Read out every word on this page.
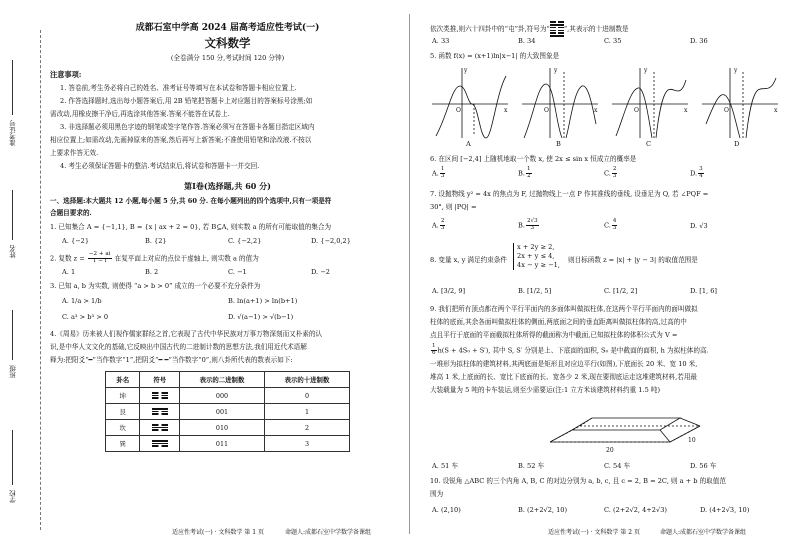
准考证号
姓名
班级
学校
成都石室中学高 2024 届高考适应性考试(一)
文科数学
(全卷满分 150 分,考试时间 120 分钟)
注意事项:
1. 答卷前,考生务必将自己的姓名、准考证号等填写在本试卷和答题卡相应位置上.
2. 作答选择题时,选出每小题答案后,用 2B 铅笔把答题卡上对应题目的答案标号涂黑;如
需改动,用橡皮擦干净后,再选涂其他答案.答案不能答在试卷上.
3. 非选择题必须用黑色字迹的钢笔或签字笔作答.答案必须写在答题卡各题目指定区域内
相应位置上;如需改动,先画掉原来的答案,然后再写上新答案;不准使用铅笔和涂改液.不按以
上要求作答无效.
4. 考生必须保证答题卡的整洁.考试结束后,将试卷和答题卡一并交回.
第Ⅰ卷(选择题,共 60 分)
一、选择题:本大题共 12 小题,每小题 5 分,共 60 分. 在每小题列出的四个选项中,只有一项是符
合题目要求的.
1. 已知集合 A = {−1,1}, B = {x | ax + 2 = 0}, 若 B⊆A, 则实数 a 的所有可能取值的集合为
A. {−2}	B. {2}	C. {−2,2}	D. {−2,0,2}
2. 复数 $z = \frac{-2 + ai}{1 - i}$ 在复平面上对应的点位于虚轴上, 则实数 a 的值为
A. 1	B. 2	C. −1	D. −2
3. 已知 a, b 为实数, 则使得 “a > b > 0” 成立的一个必要不充分条件为
A. 1/a > 1/b	B. ln(a+1) > ln(b+1)
C. a³ > b³ > 0	D. √(a−1) > √(b−1)
4.《周易》历来被人们视作儒家群经之首,它表现了古代中华民族对万事万物深刻而又朴素的认
识,是中华人文文化的基础,它反映出中国古代的二进制计数的思想方法,我们用近代术语解
释为:把阳爻“━”当作数字“1”,把阴爻“━ ━”当作数字“0”,则八卦所代表的数表示如下:
卦名	符号	表示的二进制数	表示的十进制数
坤		000	0
艮		001	1
坎		010	2
巽		011	3
适应性考试(一) · 文科数学 第 1 页	命题人:成都石室中学数学备课组
依次类推,则六十四卦中的“屯”卦,符号为“ ”,其表示的十进制数是
A. 33	B. 34	C. 35	D. 36
5. 函数 f(x) = (x+1)ln|x−1| 的大致图象是
y
x
O
y
x
O
y
x
O
y
x
O
A	B	C	D
6. 在区间 [−2,4] 上随机地取一个数 x, 使 2x ≤ sin x 恒成立的概率是
A. $\frac{1}{3}$	B. $\frac{1}{2}$	C. $\frac{2}{3}$	D. $\frac{3}{4}$
7. 设抛物线 y² = 4x 的焦点为 F, 过抛物线上一点 P 作其准线的垂线, 设垂足为 Q, 若 ∠PQF =
30°, 则 |PQ| =
A. $\frac{2}{3}$	B. $\frac{2√3}{3}$	C. $\frac{4}{3}$	D. √3
8. 变量 x, y 满足约束条件
x + 2y ≥ 2,
2x + y ≤ 4,
4x − y ≥ −1,
则目标函数 z = |x| + |y − 3| 的取值范围是
A. [3/2, 9]	B. [1/2, 5]	C. [1/2, 2]	D. [1, 6]
9. 我们把所有顶点都在两个平行平面内的多面体叫做拟柱体,在这两个平行平面内的面叫做拟
柱体的底面,其余各面叫做拟柱体的侧面,两底面之间的垂直距离叫做拟柱体的高,过高的中
点且平行于底面的平面截拟柱体所得的截面称为中截面,已知拟柱体的体积公式为 V =
$\frac{1}{6} h(S + 4S_0 + S')$, 其中 S, S′ 分别是上、下底面的面积, S₀ 是中截面的面积, h 为拟柱体的高.
一堆形为拟柱体的建筑材料,其两底面是矩形且对应边平行(如图),下底面长 20 米、宽 10 米,
堆高 1 米,上底面的长、宽比下底面的长、宽各少 2 米,现在要彻底运走这堆建筑材料,若用最
大装载量为 5 吨的卡车装运,则至少需要运(注:1 立方米该建筑材料约重 1.5 吨)
20
10
A. 51 车	B. 52 车	C. 54 车	D. 56 车
10. 设锐角 △ABC 的三个内角 A, B, C 的对边分别为 a, b, c, 且 c = 2, B = 2C, 则 a + b 的取值范
围为
A. (2,10)	B. (2+2√2, 10)	C. (2+2√2, 4+2√3)	D. (4+2√3, 10)
适应性考试(一) · 文科数学 第 2 页	命题人:成都石室中学数学备课组
